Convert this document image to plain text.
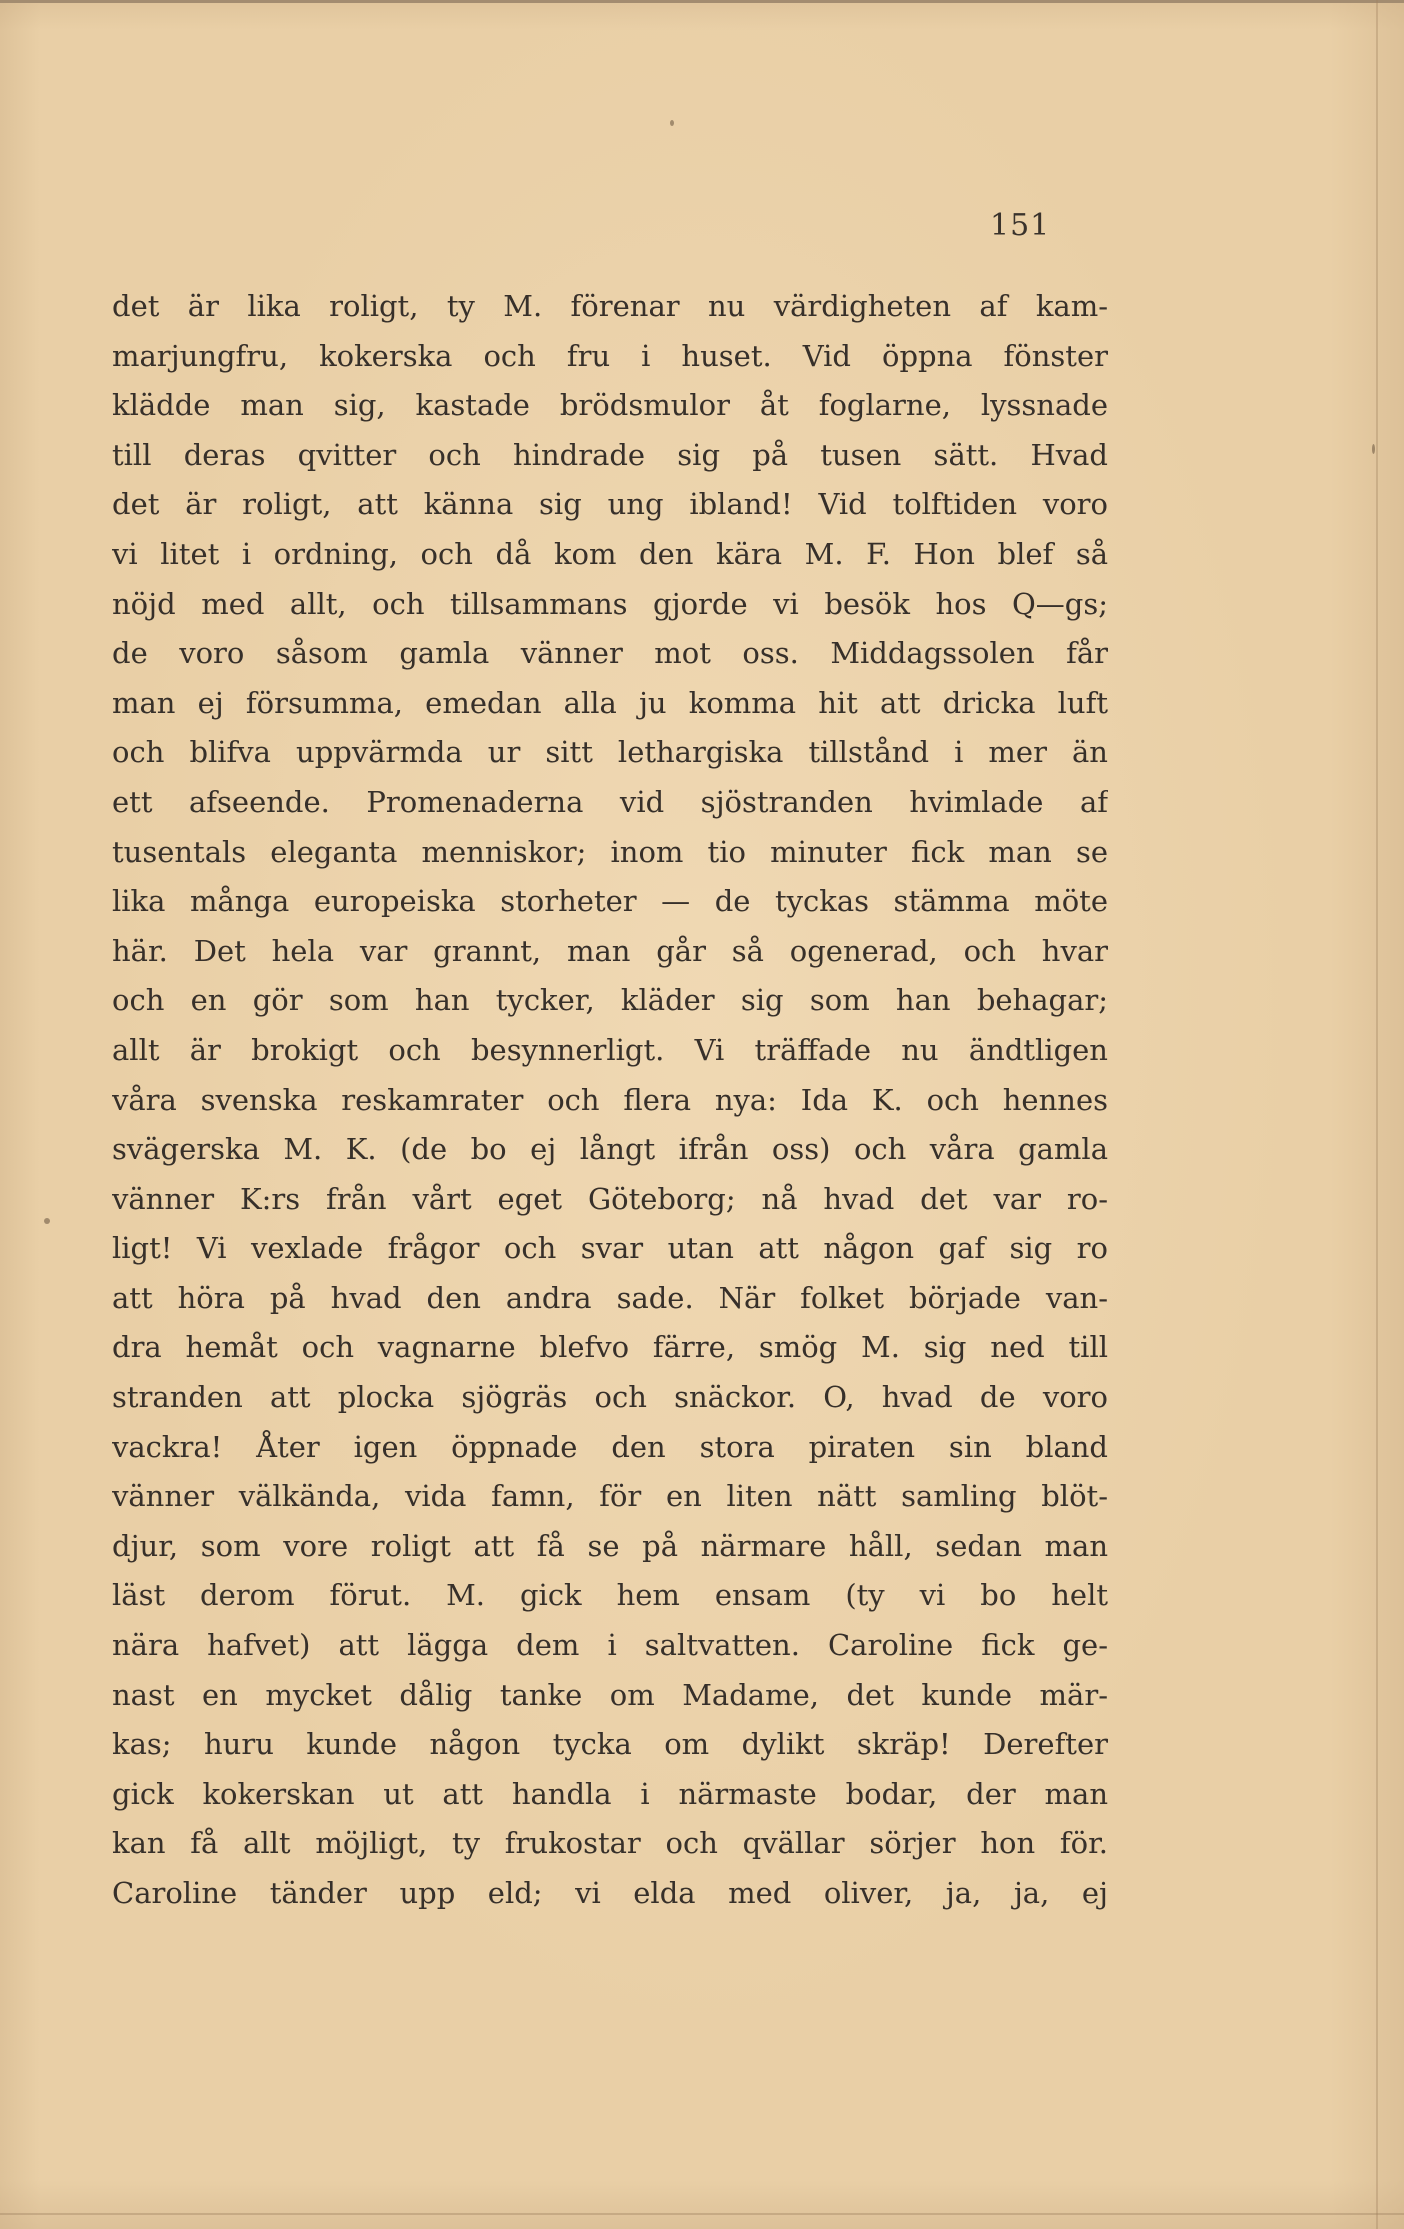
151
det är lika roligt, ty M. förenar nu värdigheten af kam-
marjungfru, kokerska och fru i huset. Vid öppna fönster
klädde man sig, kastade brödsmulor åt foglarne, lyssnade
till deras qvitter och hindrade sig på tusen sätt. Hvad
det är roligt, att känna sig ung ibland! Vid tolftiden voro
vi litet i ordning, och då kom den kära M. F. Hon blef så
nöjd med allt, och tillsammans gjorde vi besök hos Q—gs;
de voro såsom gamla vänner mot oss. Middagssolen får
man ej försumma, emedan alla ju komma hit att dricka luft
och blifva uppvärmda ur sitt lethargiska tillstånd i mer än
ett afseende. Promenaderna vid sjöstranden hvimlade af
tusentals eleganta menniskor; inom tio minuter fick man se
lika många europeiska storheter — de tyckas stämma möte
här. Det hela var grannt, man går så ogenerad, och hvar
och en gör som han tycker, kläder sig som han behagar;
allt är brokigt och besynnerligt. Vi träffade nu ändtligen
våra svenska reskamrater och flera nya: Ida K. och hennes
svägerska M. K. (de bo ej långt ifrån oss) och våra gamla
vänner K:rs från vårt eget Göteborg; nå hvad det var ro-
ligt! Vi vexlade frågor och svar utan att någon gaf sig ro
att höra på hvad den andra sade. När folket började van-
dra hemåt och vagnarne blefvo färre, smög M. sig ned till
stranden att plocka sjögräs och snäckor. O, hvad de voro
vackra! Åter igen öppnade den stora piraten sin bland
vänner välkända, vida famn, för en liten nätt samling blöt-
djur, som vore roligt att få se på närmare håll, sedan man
läst derom förut. M. gick hem ensam (ty vi bo helt
nära hafvet) att lägga dem i saltvatten. Caroline fick ge-
nast en mycket dålig tanke om Madame, det kunde mär-
kas; huru kunde någon tycka om dylikt skräp! Derefter
gick kokerskan ut att handla i närmaste bodar, der man
kan få allt möjligt, ty frukostar och qvällar sörjer hon för.
Caroline tänder upp eld; vi elda med oliver, ja, ja, ej
